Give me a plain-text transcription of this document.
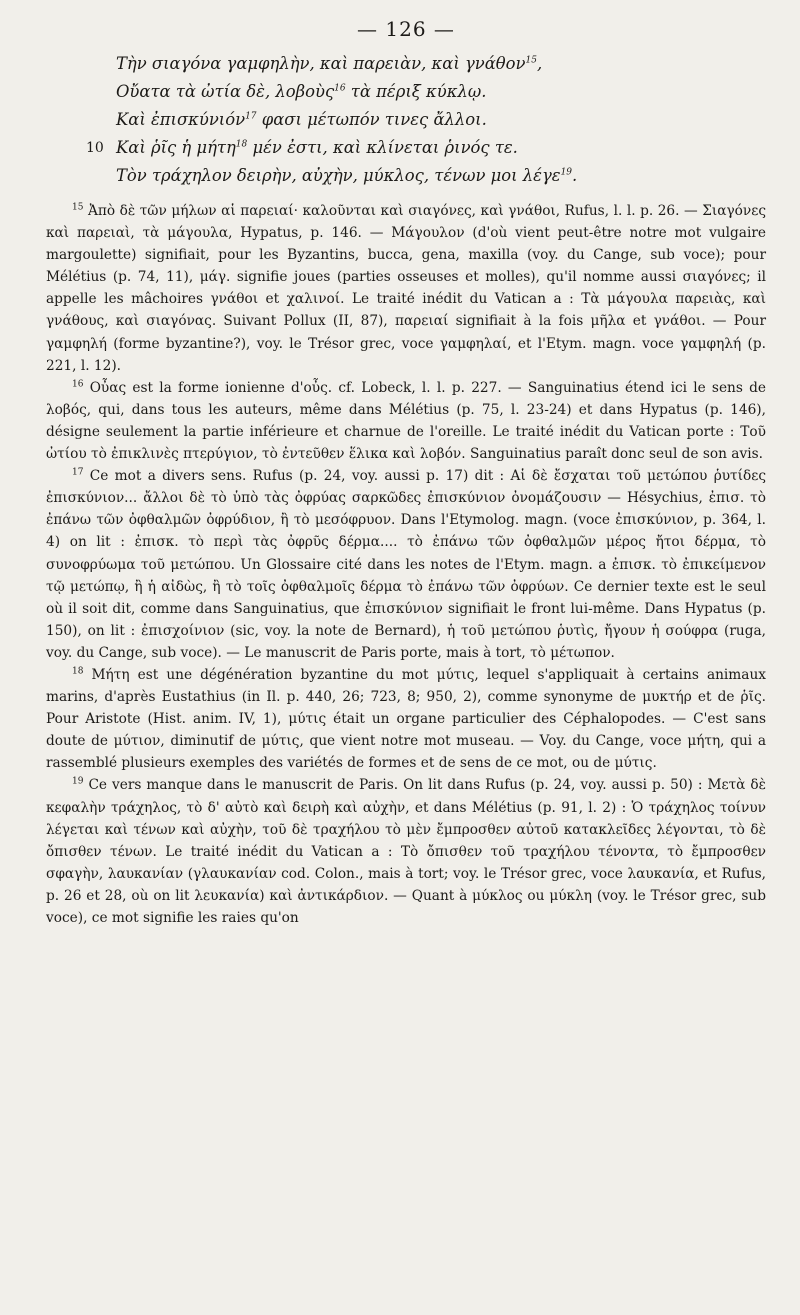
— 126 —
Τὴν σιαγόνα γαμφηλὴν, καὶ παρειὰν, καὶ γνάθον$^{15}$,
Οὔατα τὰ ὠτία δὲ, λοβοὺς$^{16}$ τὰ πέριξ κύκλῳ.
Καὶ ἐπισκύνιόν$^{17}$ φασι μέτωπόν τινες ἄλλοι.
10 Καὶ ῥῖς ἡ μήτη$^{18}$ μέν ἐστι, καὶ κλίνεται ῥινός τε.
Τὸν τράχηλον δειρὴν, αὐχὴν, μύκλος, τένων μοι λέγε$^{19}$.

$^{15}$ Ἀπὸ δὲ τῶν μήλων αἱ παρειαί· καλοῦνται καὶ σιαγόνες, καὶ γνάθοι, Rufus, l. l. p. 26. — Σιαγόνες καὶ παρειαὶ, τὰ μάγουλα, Hypatus, p. 146. — Μάγουλον (d'où vient peut-être notre mot vulgaire margoulette) signifiait, pour les Byzantins, bucca, gena, maxilla (voy. du Cange, sub voce); pour Mélétius (p. 74, 11), μάγ. signifie joues (parties osseuses et molles), qu'il nomme aussi σιαγόνες; il appelle les mâchoires γνάθοι et χαλινοί. Le traité inédit du Vatican a : Τὰ μάγουλα παρειὰς, καὶ γνάθους, καὶ σιαγόνας. Suivant Pollux (II, 87), παρειαί signifiait à la fois μῆλα et γνάθοι. — Pour γαμφηλή (forme byzantine?), voy. le Trésor grec, voce γαμφηλαί, et l'Etym. magn. voce γαμφηλή (p. 221, l. 12).

$^{16}$ Οὖας est la forme ionienne d'οὖς. cf. Lobeck, l. l. p. 227. — Sanguinatius étend ici le sens de λοβός, qui, dans tous les auteurs, même dans Mélétius (p. 75, l. 23-24) et dans Hypatus (p. 146), désigne seulement la partie inférieure et charnue de l'oreille. Le traité inédit du Vatican porte : Τοῦ ὠτίου τὸ ἐπικλινὲς πτερύγιον, τὸ ἐντεῦθεν ἕλικα καὶ λοβόν. Sanguinatius paraît donc seul de son avis.

$^{17}$ Ce mot a divers sens. Rufus (p. 24, voy. aussi p. 17) dit : Αἱ δὲ ἔσχαται τοῦ μετώπου ῥυτίδες ἐπισκύνιον... ἄλλοι δὲ τὸ ὑπὸ τὰς ὀφρύας σαρκῶδες ἐπισκύνιον ὀνομάζουσιν — Hésychius, ἐπισ. τὸ ἐπάνω τῶν ὀφθαλμῶν ὀφρύδιον, ἢ τὸ μεσόφρυον. Dans l'Etymolog. magn. (voce ἐπισκύνιον, p. 364, l. 4) on lit : ἐπισκ. τὸ περὶ τὰς ὀφρῦς δέρμα.... τὸ ἐπάνω τῶν ὀφθαλμῶν μέρος ἤτοι δέρμα, τὸ συνοφρύωμα τοῦ μετώπου. Un Glossaire cité dans les notes de l'Etym. magn. a ἐπισκ. τὸ ἐπικείμενον τῷ μετώπῳ, ἢ ἡ αἰδὼς, ἢ τὸ τοῖς ὀφθαλμοῖς δέρμα τὸ ἐπάνω τῶν ὀφρύων. Ce dernier texte est le seul où il soit dit, comme dans Sanguinatius, que ἐπισκύνιον signifiait le front lui-même. Dans Hypatus (p. 150), on lit : ἐπισχοίνιον (sic, voy. la note de Bernard), ἡ τοῦ μετώπου ῥυτὶς, ἤγουν ἡ σούφρα (ruga, voy. du Cange, sub voce). — Le manuscrit de Paris porte, mais à tort, τὸ μέτωπον.

$^{18}$ Μήτη est une dégénération byzantine du mot μύτις, lequel s'appliquait à certains animaux marins, d'après Eustathius (in Il. p. 440, 26; 723, 8; 950, 2), comme synonyme de μυκτήρ et de ῥῖς. Pour Aristote (Hist. anim. IV, 1), μύτις était un organe particulier des Céphalopodes. — C'est sans doute de μύτιον, diminutif de μύτις, que vient notre mot museau. — Voy. du Cange, voce μήτη, qui a rassemblé plusieurs exemples des variétés de formes et de sens de ce mot, ou de μύτις.

$^{19}$ Ce vers manque dans le manuscrit de Paris. On lit dans Rufus (p. 24, voy. aussi p. 50) : Μετὰ δὲ κεφαλὴν τράχηλος, τὸ δ' αὐτὸ καὶ δειρὴ καὶ αὐχὴν, et dans Mélétius (p. 91, l. 2) : Ὁ τράχηλος τοίνυν λέγεται καὶ τένων καὶ αὐχὴν, τοῦ δὲ τραχήλου τὸ μὲν ἔμπροσθεν αὐτοῦ κατακλεῖδες λέγονται, τὸ δὲ ὄπισθεν τένων. Le traité inédit du Vatican a : Τὸ ὄπισθεν τοῦ τραχήλου τένοντα, τὸ ἔμπροσθεν σφαγὴν, λαυκανίαν (γλαυκανίαν cod. Colon., mais à tort; voy. le Trésor grec, voce λαυκανία, et Rufus, p. 26 et 28, où on lit λευκανία) καὶ ἀντικάρδιον. — Quant à μύκλος ou μύκλη (voy. le Trésor grec, sub voce), ce mot signifie les raies qu'on
